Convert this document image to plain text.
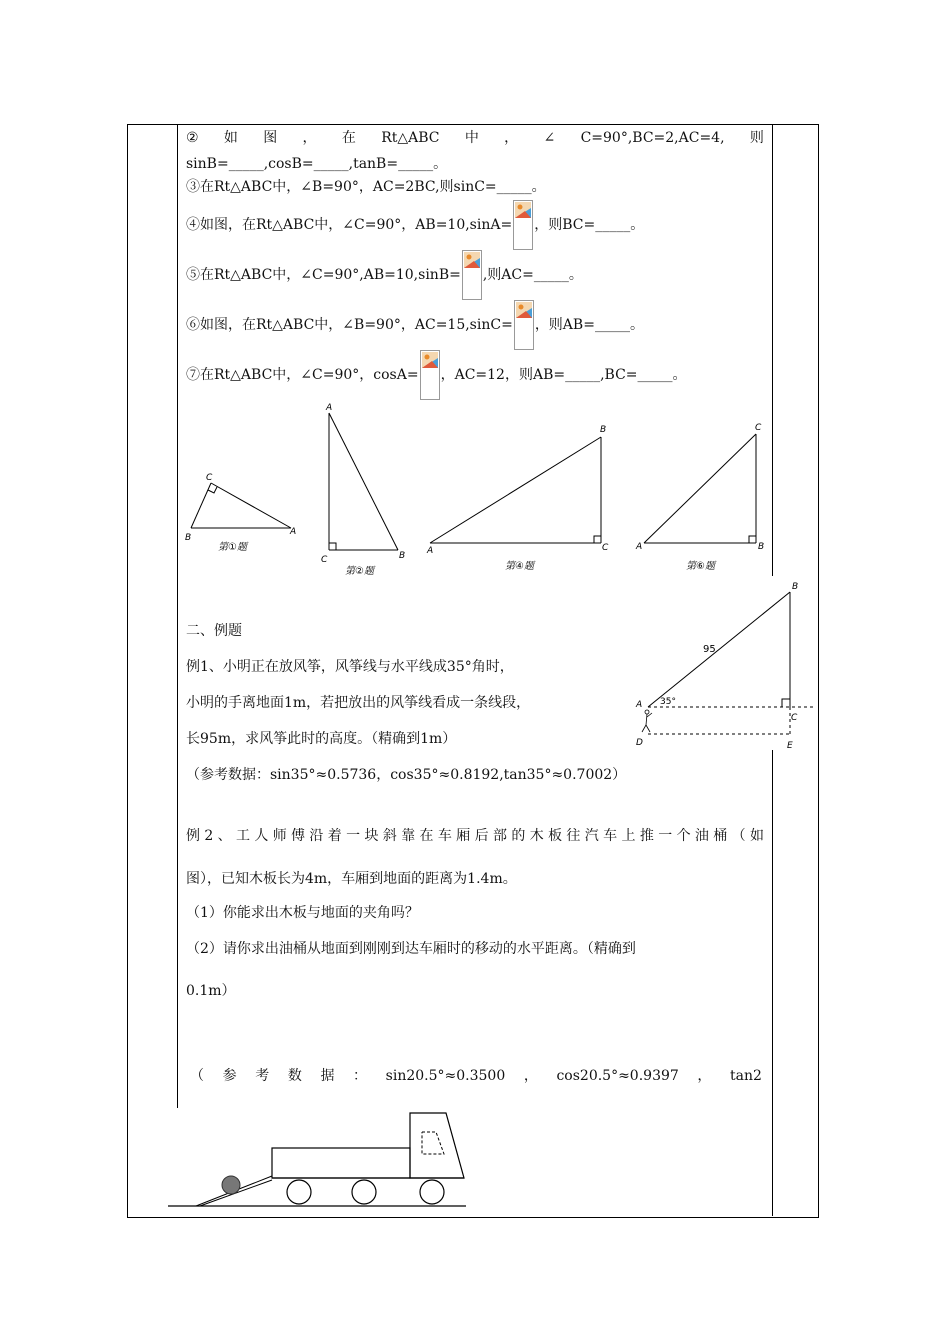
② 如 图 ， 在 Rt△ABC 中 ， ∠ C=90°,BC=2,AC=4, 则
sinB=_____,cosB=_____,tanB=_____。
③在Rt△ABC中，∠B=90°，AC=2BC,则sinC=_____。
④如图，在Rt△ABC中，∠C=90°，AB=10,sinA= ，则BC=_____。
⑤在Rt△ABC中，∠C=90°,AB=10,sinB= ,则AC=_____。
⑥如图，在Rt△ABC中，∠B=90°，AC=15,sinC= ，则AB=_____。
⑦在Rt△ABC中，∠C=90°，cosA= ，AC=12，则AB=_____,BC=_____。
C
B
A
第①题
A
C	B
第②题
B
A	C
第④题
C
A	B
第⑥题
二、例题
例1、小明正在放风筝，风筝线与水平线成35°角时，
小明的手离地面1m，若把放出的风筝线看成一条线段，
长95m，求风筝此时的高度。（精确到1m）
（参考数据：sin35°≈0.5736，cos35°≈0.8192,tan35°≈0.7002）
B
A
C
D	E
95
35°
例2、工人师傅沿着一块斜靠在车厢后部的木板往汽车上推一个油桶（如
图），已知木板长为4m，车厢到地面的距离为1.4m。
（1）你能求出木板与地面的夹角吗？
（2）请你求出油桶从地面到刚刚到达车厢时的移动的水平距离。（精确到
0.1m）
（ 参 考 数 据 ： sin20.5°≈0.3500 ， cos20.5°≈0.9397 ， tan2
